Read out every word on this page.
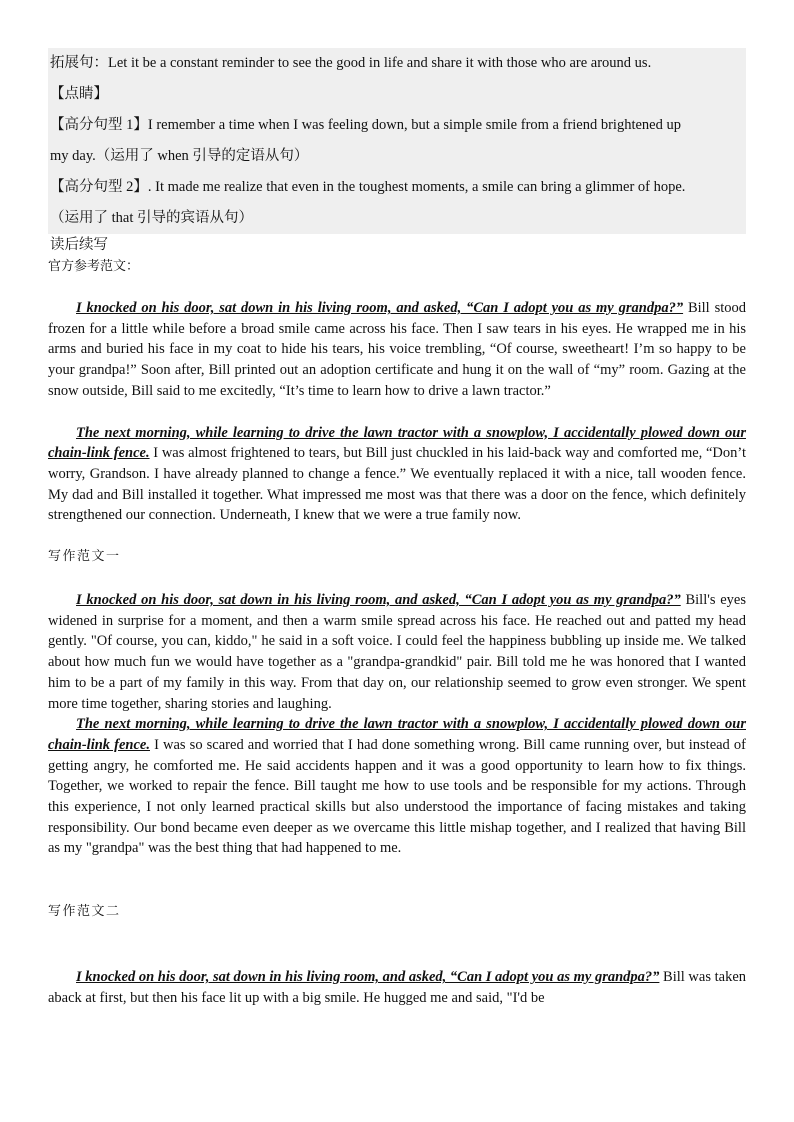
拓展句：Let it be a constant reminder to see the good in life and share it with those who are around us.
【点睛】
【高分句型 1】I remember a time when I was feeling down, but a simple smile from a friend brightened up
my day.（运用了 when 引导的定语从句）
【高分句型 2】. It made me realize that even in the toughest moments, a smile can bring a glimmer of hope.
（运用了 that 引导的宾语从句）
读后续写
官方参考范文：

I knocked on his door, sat down in his living room, and asked, “Can I adopt you as my grandpa?” Bill stood frozen for a little while before a broad smile came across his face. Then I saw tears in his eyes. He wrapped me in his arms and buried his face in my coat to hide his tears, his voice trembling, “Of course, sweetheart! I’m so happy to be your grandpa!” Soon after, Bill printed out an adoption certificate and hung it on the wall of “my” room. Gazing at the snow outside, Bill said to me excitedly, “It’s time to learn how to drive a lawn tractor.”

The next morning, while learning to drive the lawn tractor with a snowplow, I accidentally plowed down our chain-link fence. I was almost frightened to tears, but Bill just chuckled in his laid-back way and comforted me, “Don’t worry, Grandson. I have already planned to change a fence.” We eventually replaced it with a nice, tall wooden fence. My dad and Bill installed it together. What impressed me most was that there was a door on the fence, which definitely strengthened our connection. Underneath, I knew that we were a true family now.

写作范文一

I knocked on his door, sat down in his living room, and asked, “Can I adopt you as my grandpa?” Bill's eyes widened in surprise for a moment, and then a warm smile spread across his face. He reached out and patted my head gently. "Of course, you can, kiddo," he said in a soft voice. I could feel the happiness bubbling up inside me. We talked about how much fun we would have together as a "grandpa-grandkid" pair. Bill told me he was honored that I wanted him to be a part of my family in this way. From that day on, our relationship seemed to grow even stronger. We spent more time together, sharing stories and laughing.

The next morning, while learning to drive the lawn tractor with a snowplow, I accidentally plowed down our chain-link fence. I was so scared and worried that I had done something wrong. Bill came running over, but instead of getting angry, he comforted me. He said accidents happen and it was a good opportunity to learn how to fix things. Together, we worked to repair the fence. Bill taught me how to use tools and be responsible for my actions. Through this experience, I not only learned practical skills but also understood the importance of facing mistakes and taking responsibility. Our bond became even deeper as we overcame this little mishap together, and I realized that having Bill as my "grandpa" was the best thing that had happened to me.

写作范文二

I knocked on his door, sat down in his living room, and asked, “Can I adopt you as my grandpa?” Bill was taken aback at first, but then his face lit up with a big smile. He hugged me and said, "I'd be
